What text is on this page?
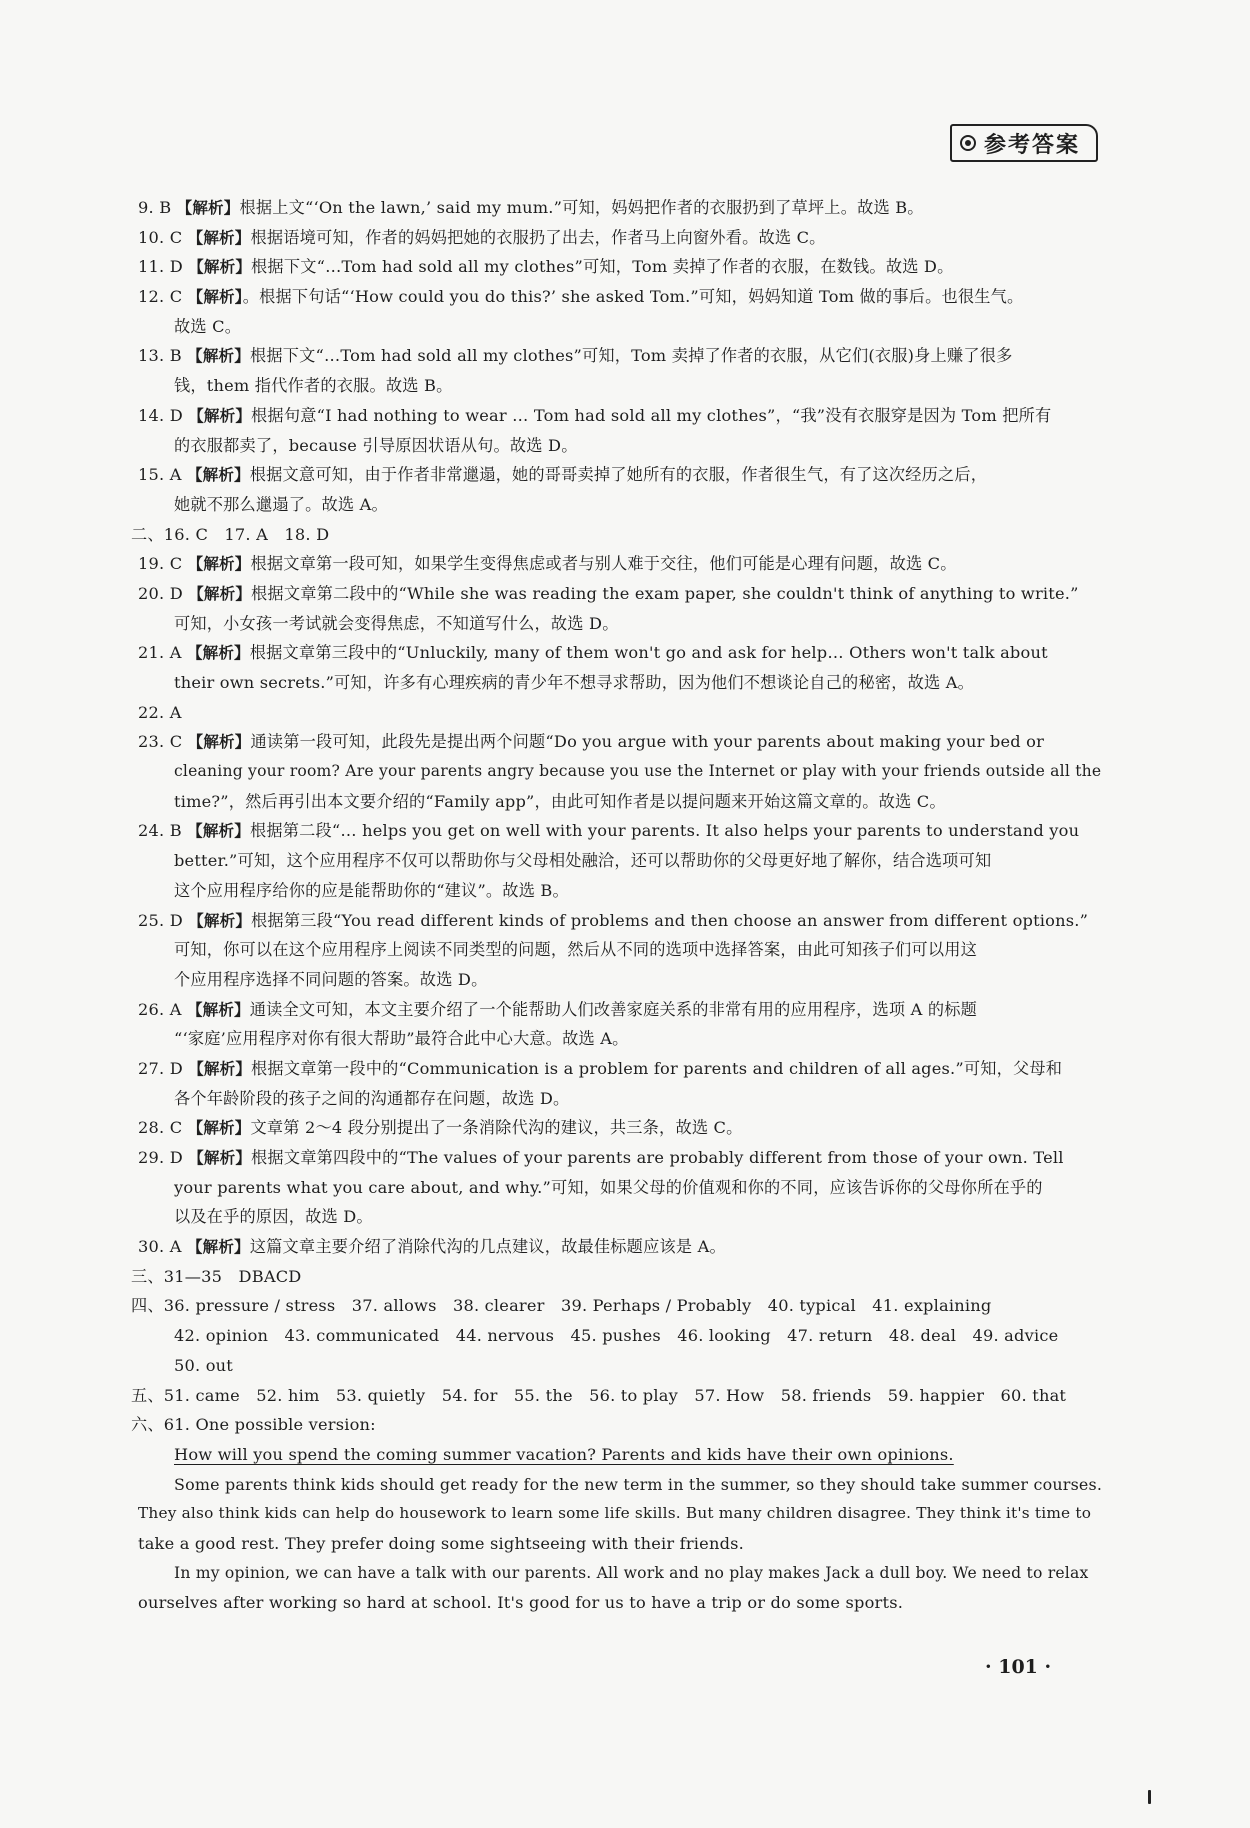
参考答案
9. B 【解析】根据上文“‘On the lawn,’ said my mum.”可知，妈妈把作者的衣服扔到了草坪上。故选 B。
10. C 【解析】根据语境可知，作者的妈妈把她的衣服扔了出去，作者马上向窗外看。故选 C。
11. D 【解析】根据下文“…Tom had sold all my clothes”可知，Tom 卖掉了作者的衣服，在数钱。故选 D。
12. C 【解析】。根据下句话“‘How could you do this?’ she asked Tom.”可知，妈妈知道 Tom 做的事后。也很生气。
故选 C。
13. B 【解析】根据下文“…Tom had sold all my clothes”可知，Tom 卖掉了作者的衣服，从它们(衣服)身上赚了很多
钱，them 指代作者的衣服。故选 B。
14. D 【解析】根据句意“I had nothing to wear … Tom had sold all my clothes”，“我”没有衣服穿是因为 Tom 把所有
的衣服都卖了，because 引导原因状语从句。故选 D。
15. A 【解析】根据文意可知，由于作者非常邋遢，她的哥哥卖掉了她所有的衣服，作者很生气，有了这次经历之后，
她就不那么邋遢了。故选 A。
二、16. C　17. A　18. D
19. C 【解析】根据文章第一段可知，如果学生变得焦虑或者与别人难于交往，他们可能是心理有问题，故选 C。
20. D 【解析】根据文章第二段中的“While she was reading the exam paper, she couldn't think of anything to write.”
可知，小女孩一考试就会变得焦虑，不知道写什么，故选 D。
21. A 【解析】根据文章第三段中的“Unluckily, many of them won't go and ask for help… Others won't talk about
their own secrets.”可知，许多有心理疾病的青少年不想寻求帮助，因为他们不想谈论自己的秘密，故选 A。
22. A
23. C 【解析】通读第一段可知，此段先是提出两个问题“Do you argue with your parents about making your bed or
cleaning your room? Are your parents angry because you use the Internet or play with your friends outside all the
time?”，然后再引出本文要介绍的“Family app”，由此可知作者是以提问题来开始这篇文章的。故选 C。
24. B 【解析】根据第二段“… helps you get on well with your parents. It also helps your parents to understand you
better.”可知，这个应用程序不仅可以帮助你与父母相处融洽，还可以帮助你的父母更好地了解你，结合选项可知
这个应用程序给你的应是能帮助你的“建议”。故选 B。
25. D 【解析】根据第三段“You read different kinds of problems and then choose an answer from different options.”
可知，你可以在这个应用程序上阅读不同类型的问题，然后从不同的选项中选择答案，由此可知孩子们可以用这
个应用程序选择不同问题的答案。故选 D。
26. A 【解析】通读全文可知，本文主要介绍了一个能帮助人们改善家庭关系的非常有用的应用程序，选项 A 的标题
“‘家庭’应用程序对你有很大帮助”最符合此中心大意。故选 A。
27. D 【解析】根据文章第一段中的“Communication is a problem for parents and children of all ages.”可知，父母和
各个年龄阶段的孩子之间的沟通都存在问题，故选 D。
28. C 【解析】文章第 2～4 段分别提出了一条消除代沟的建议，共三条，故选 C。
29. D 【解析】根据文章第四段中的“The values of your parents are probably different from those of your own. Tell
your parents what you care about, and why.”可知，如果父母的价值观和你的不同，应该告诉你的父母你所在乎的
以及在乎的原因，故选 D。
30. A 【解析】这篇文章主要介绍了消除代沟的几点建议，故最佳标题应该是 A。
三、31—35　DBACD
四、36. pressure / stress　37. allows　38. clearer　39. Perhaps / Probably　40. typical　41. explaining
42. opinion　43. communicated　44. nervous　45. pushes　46. looking　47. return　48. deal　49. advice
50. out
五、51. came　52. him　53. quietly　54. for　55. the　56. to play　57. How　58. friends　59. happier　60. that
六、61. One possible version:
How will you spend the coming summer vacation? Parents and kids have their own opinions.
Some parents think kids should get ready for the new term in the summer, so they should take summer courses.
They also think kids can help do housework to learn some life skills. But many children disagree. They think it's time to
take a good rest. They prefer doing some sightseeing with their friends.
In my opinion, we can have a talk with our parents. All work and no play makes Jack a dull boy. We need to relax
ourselves after working so hard at school. It's good for us to have a trip or do some sports.
· 101 ·
